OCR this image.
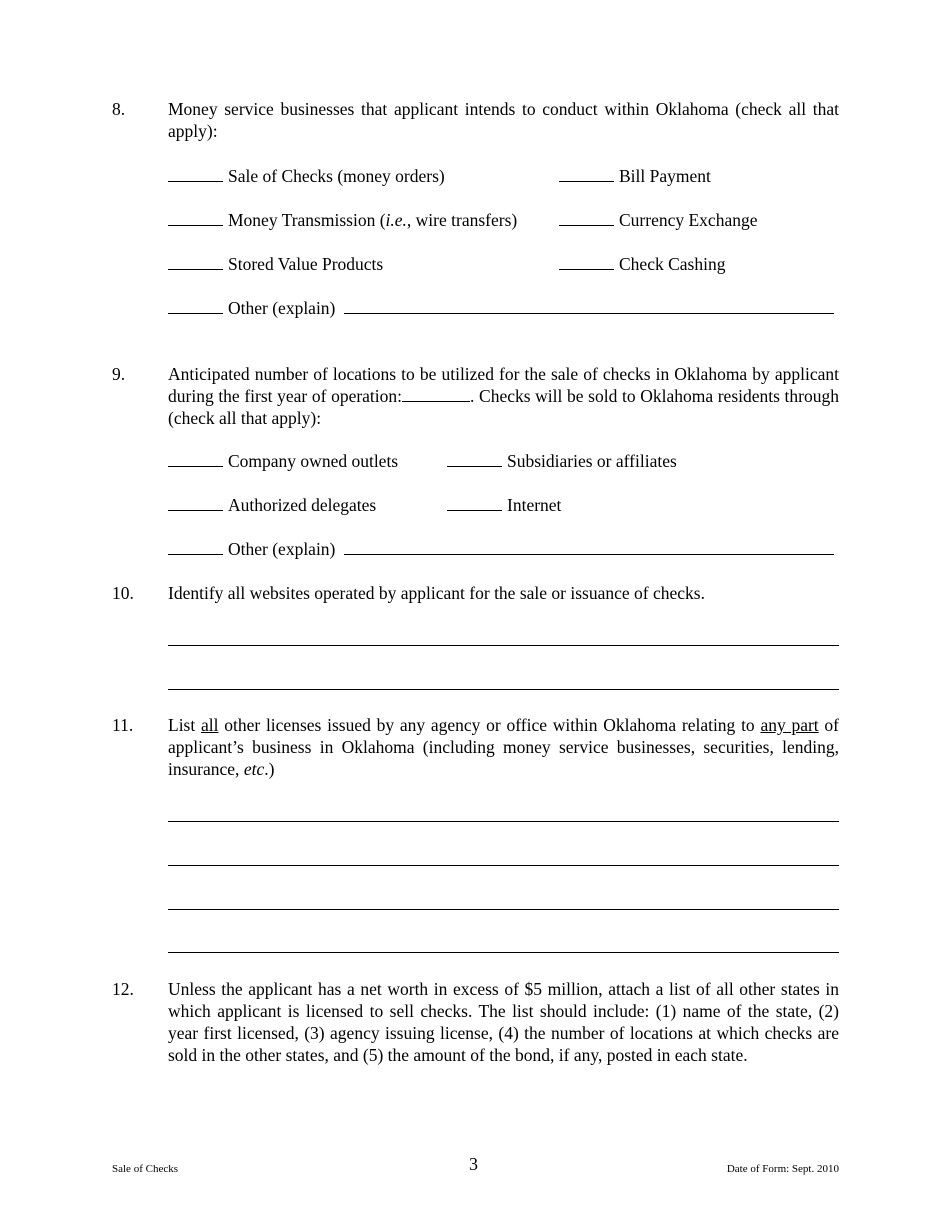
8. Money service businesses that applicant intends to conduct within Oklahoma (check all that apply):
Sale of Checks (money orders)	Bill Payment
Money Transmission (i.e., wire transfers)	Currency Exchange
Stored Value Products	Check Cashing
Other (explain)
9. Anticipated number of locations to be utilized for the sale of checks in Oklahoma by applicant during the first year of operation:	. Checks will be sold to Oklahoma residents through (check all that apply):
Company owned outlets	Subsidiaries or affiliates
Authorized delegates	Internet
Other (explain)
10. Identify all websites operated by applicant for the sale or issuance of checks.
11. List all other licenses issued by any agency or office within Oklahoma relating to any part of applicant’s business in Oklahoma (including money service businesses, securities, lending, insurance, etc.)
12. Unless the applicant has a net worth in excess of $5 million, attach a list of all other states in which applicant is licensed to sell checks. The list should include: (1) name of the state, (2) year first licensed, (3) agency issuing license, (4) the number of locations at which checks are sold in the other states, and (5) the amount of the bond, if any, posted in each state.
Sale of Checks	3	Date of Form: Sept. 2010
